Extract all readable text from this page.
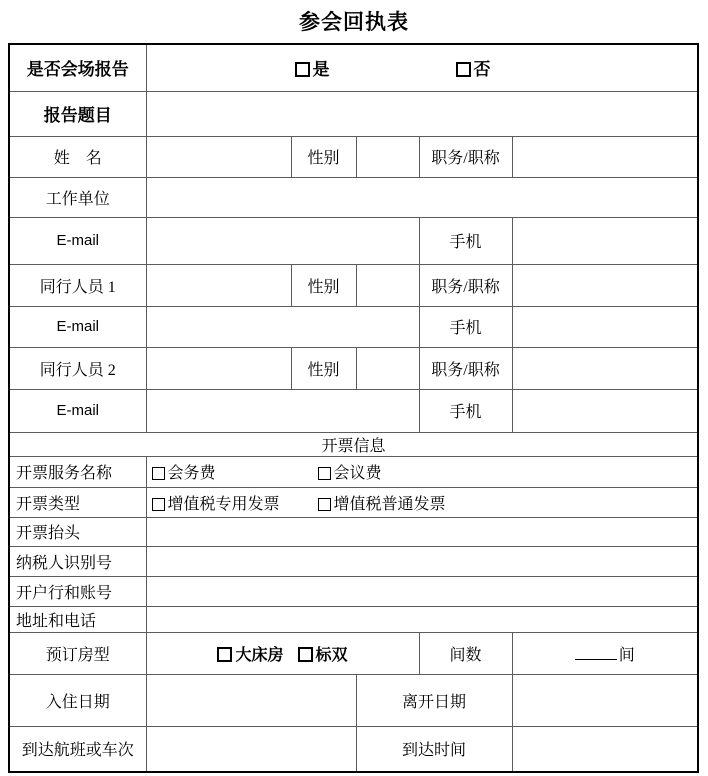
参会回执表
是否会场报告	是 否				

报告题目					
姓　名		性别		职务/职称	
工作单位					
E-mail				手机	
同行人员 1		性别		职务/职称	
E-mail				手机	
同行人员 2		性别		职务/职称	
E-mail				手机	
开票信息					
开票服务名称	会务费 会议费				

开票类型	增值税专用发票 增值税普通发票				

开票抬头					
纳税人识别号					
开户行和账号					
地址和电话					
预订房型	大床房 标双			间数	间
入住日期			离开日期		
到达航班或车次			到达时间		
